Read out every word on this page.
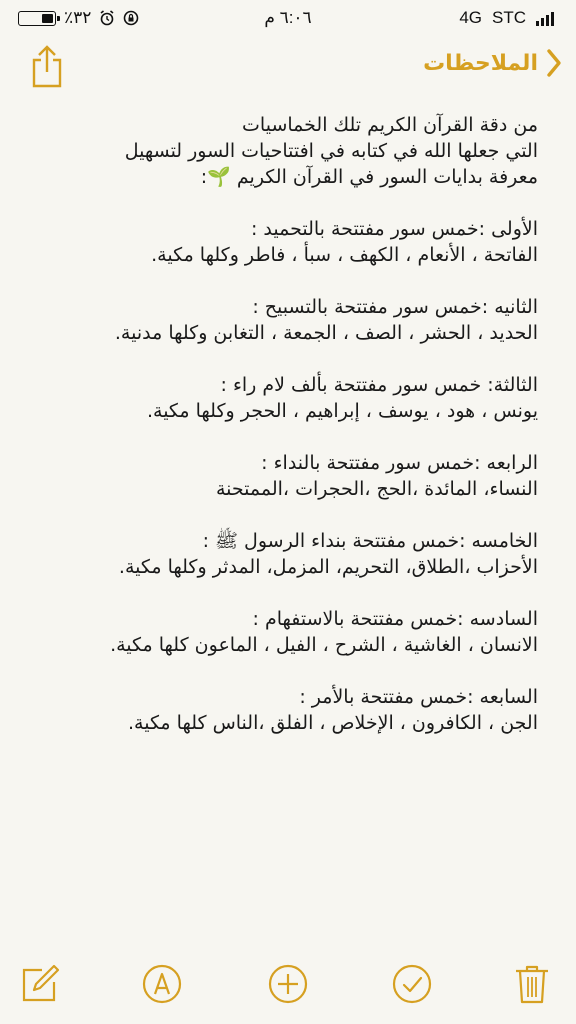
٪٣٢	٦:٠٦ م	4G STC
الملاحظات

من دقة القرآن الكريم تلك الخماسيات
التي جعلها الله في كتابه في افتتاحيات السور لتسهيل
معرفة بدايات السور في القرآن الكريم 🌱:

الأولى :خمس سور مفتتحة بالتحميد :
الفاتحة ، الأنعام ، الكهف ، سبأ ، فاطر وكلها مكية.

الثانيه :خمس سور مفتتحة بالتسبيح :
الحديد ، الحشر ، الصف ، الجمعة ، التغابن وكلها مدنية.

الثالثة: خمس سور مفتتحة بألف لام راء :
يونس ، هود ، يوسف ، إبراهيم ، الحجر وكلها مكية.

الرابعه :خمس سور مفتتحة بالنداء :
النساء، المائدة ،الحج ،الحجرات ،الممتحنة

الخامسه :خمس مفتتحة بنداء الرسول ﷺ :
الأحزاب ،الطلاق، التحريم، المزمل، المدثر وكلها مكية.

السادسه :خمس مفتتحة بالاستفهام :
الانسان ، الغاشية ، الشرح ، الفيل ، الماعون كلها مكية.

السابعه :خمس مفتتحة بالأمر :
الجن ، الكافرون ، الإخلاص ، الفلق ،الناس كلها مكية.
